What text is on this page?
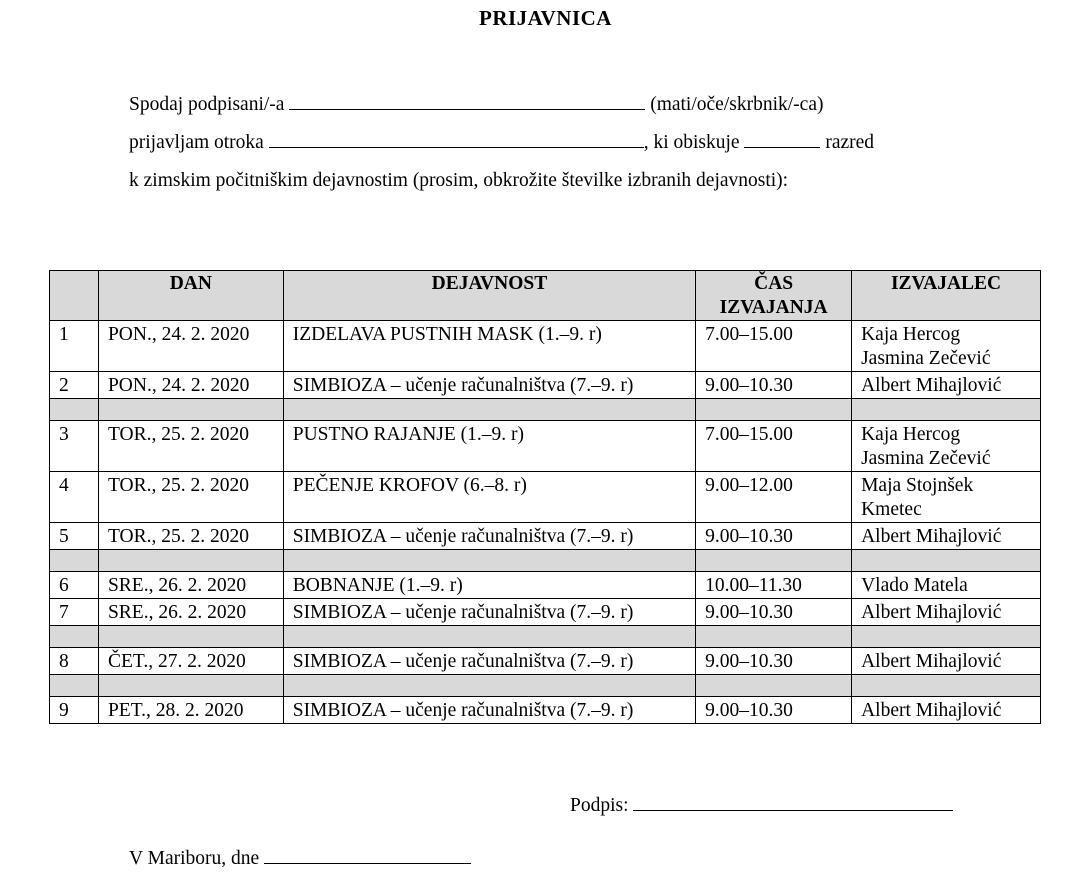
PRIJAVNICA
Spodaj podpisani/-a	(mati/oče/skrbnik/-ca)
prijavljam otroka	, ki obiskuje	razred
k zimskim počitniškim dejavnostim (prosim, obkrožite številke izbranih dejavnosti):
	DAN	DEJAVNOST	ČAS
IZVAJANJA	IZVAJALEC
1	PON., 24. 2. 2020	IZDELAVA PUSTNIH MASK (1.–9. r)	7.00–15.00	Kaja Hercog
Jasmina Zečević
2	PON., 24. 2. 2020	SIMBIOZA – učenje računalništva (7.–9. r)	9.00–10.30	Albert Mihajlović

3	TOR., 25. 2. 2020	PUSTNO RAJANJE (1.–9. r)	7.00–15.00	Kaja Hercog
Jasmina Zečević
4	TOR., 25. 2. 2020	PEČENJE KROFOV (6.–8. r)	9.00–12.00	Maja Stojnšek
Kmetec
5	TOR., 25. 2. 2020	SIMBIOZA – učenje računalništva (7.–9. r)	9.00–10.30	Albert Mihajlović

6	SRE., 26. 2. 2020	BOBNANJE (1.–9. r)	10.00–11.30	Vlado Matela
7	SRE., 26. 2. 2020	SIMBIOZA – učenje računalništva (7.–9. r)	9.00–10.30	Albert Mihajlović

8	ČET., 27. 2. 2020	SIMBIOZA – učenje računalništva (7.–9. r)	9.00–10.30	Albert Mihajlović

9	PET., 28. 2. 2020	SIMBIOZA – učenje računalništva (7.–9. r)	9.00–10.30	Albert Mihajlović
Podpis:
V Mariboru, dne
